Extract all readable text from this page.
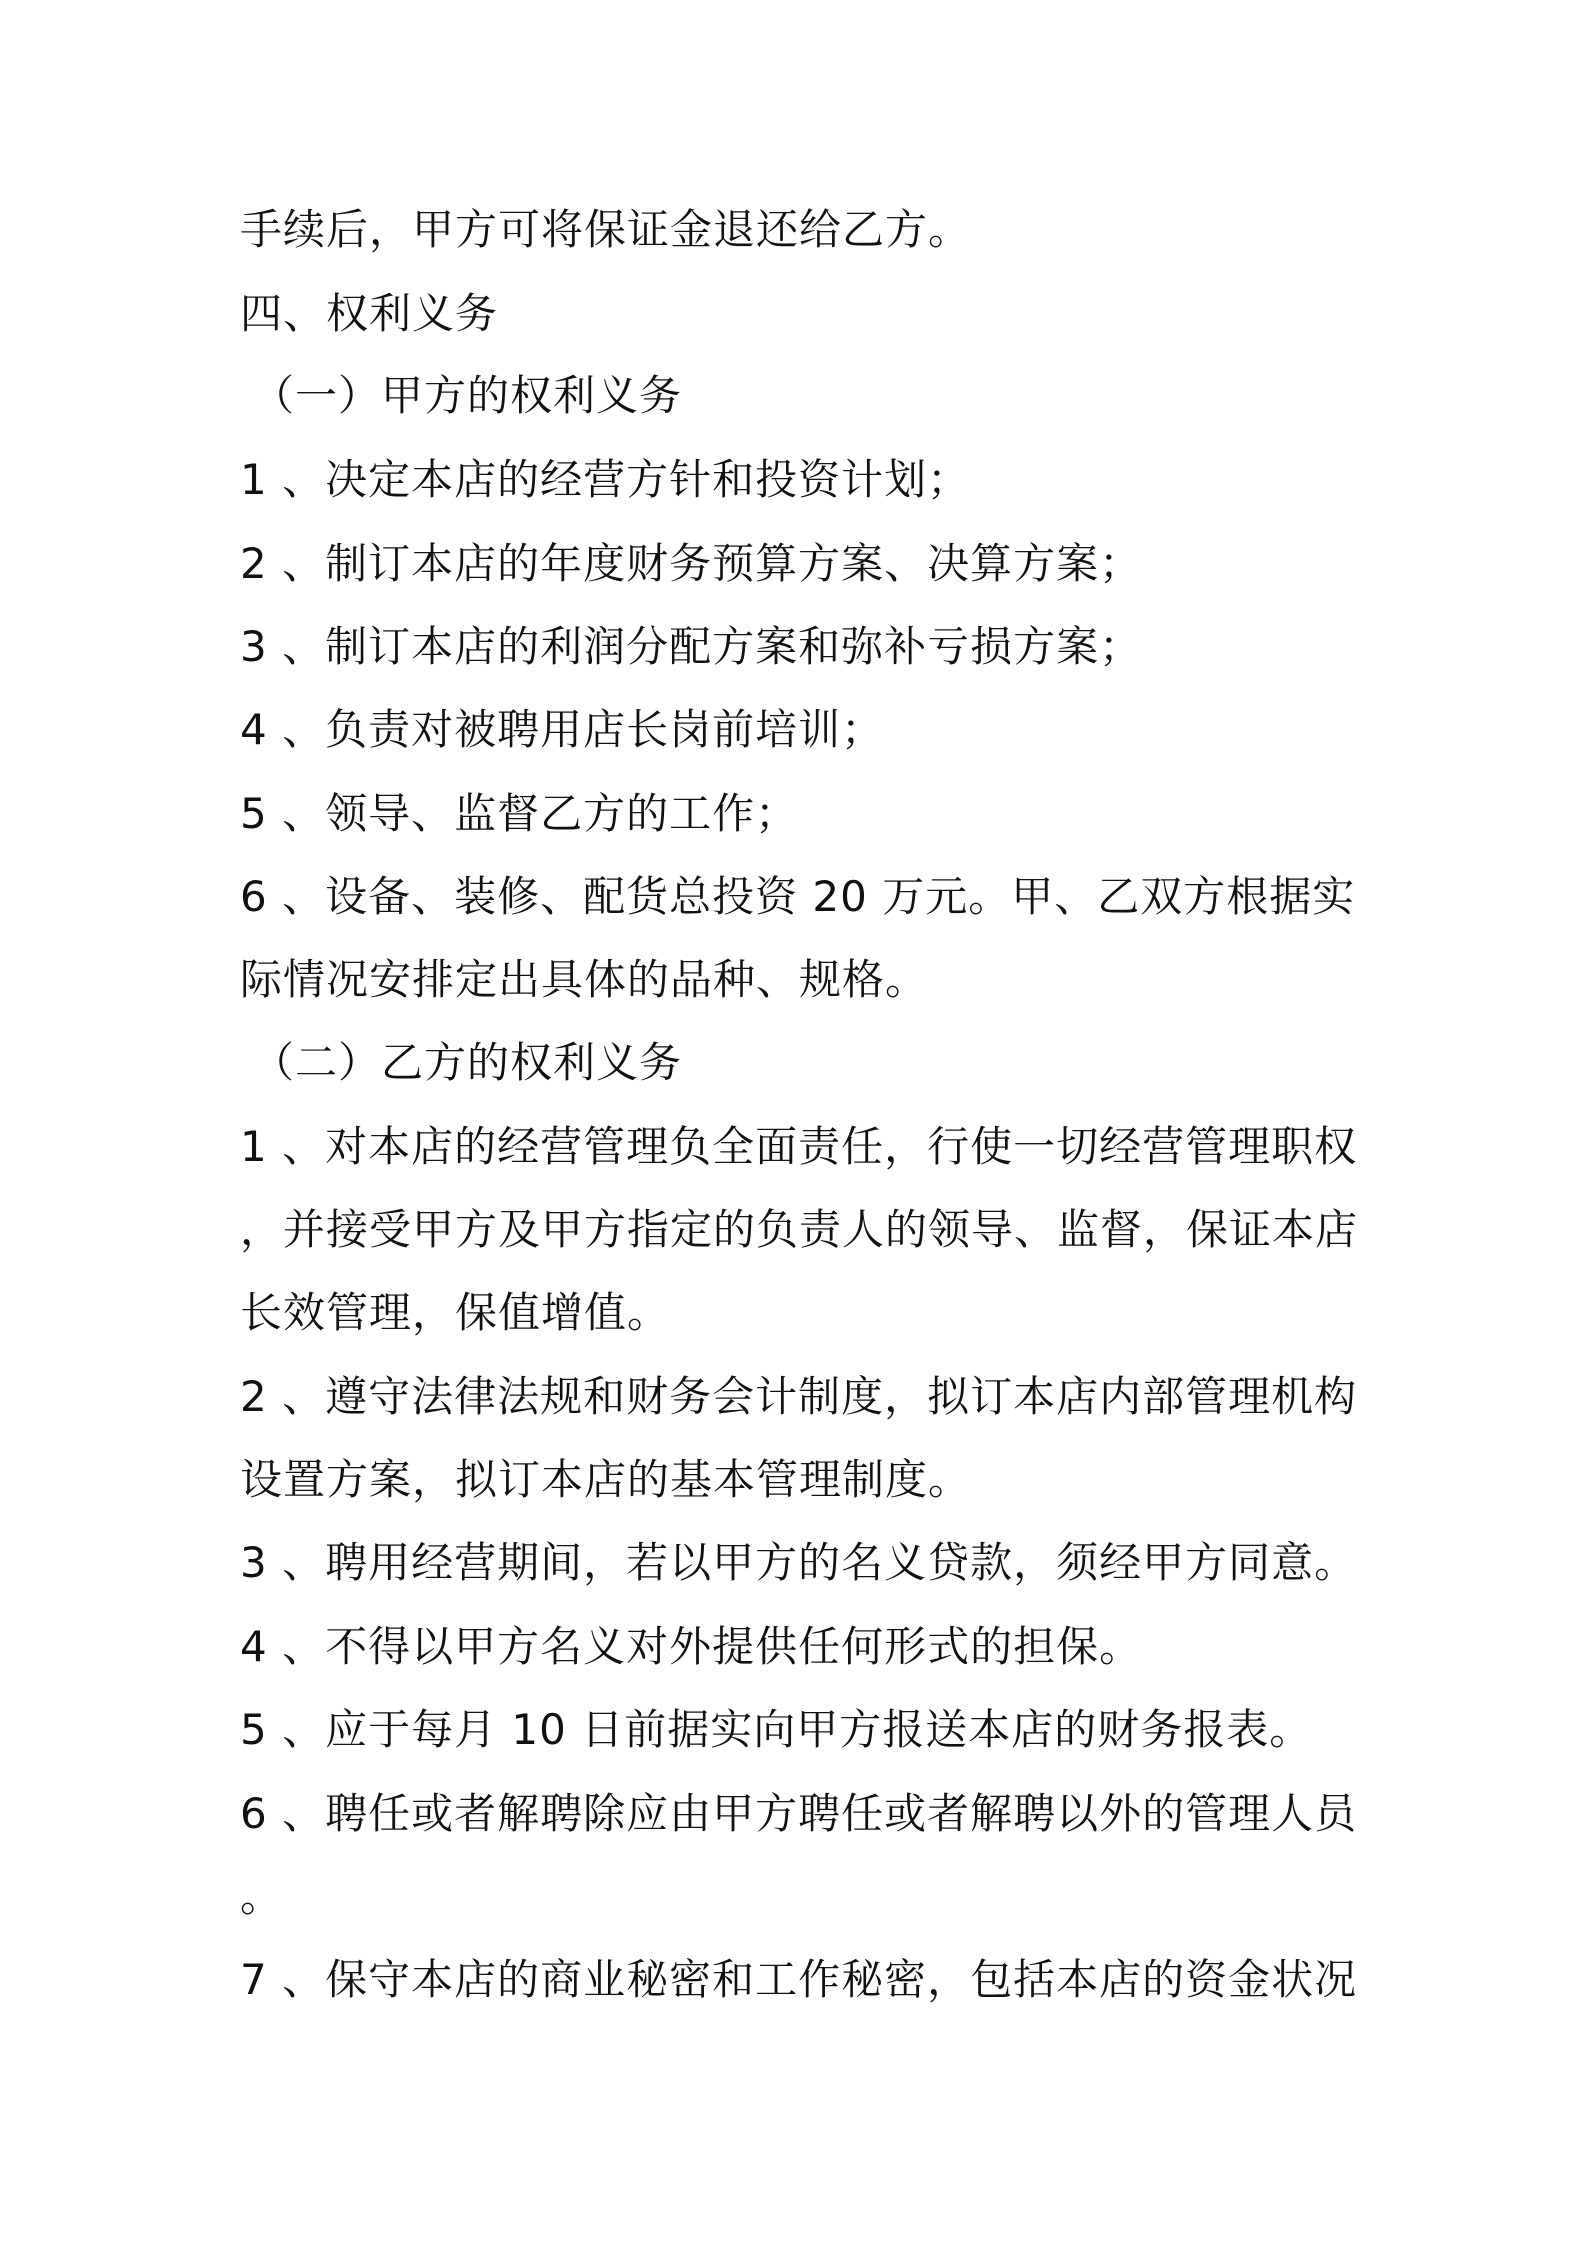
手续后，甲方可将保证金退还给乙方。
四、权利义务
（一）甲方的权利义务
1 、决定本店的经营方针和投资计划；
2 、制订本店的年度财务预算方案、决算方案；
3 、制订本店的利润分配方案和弥补亏损方案；
4 、负责对被聘用店长岗前培训；
5 、领导、监督乙方的工作；
6 、设备、装修、配货总投资 20 万元。甲、乙双方根据实
际情况安排定出具体的品种、规格。
（二）乙方的权利义务
1 、对本店的经营管理负全面责任，行使一切经营管理职权
，并接受甲方及甲方指定的负责人的领导、监督，保证本店
长效管理，保值增值。
2 、遵守法律法规和财务会计制度，拟订本店内部管理机构
设置方案，拟订本店的基本管理制度。
3 、聘用经营期间，若以甲方的名义贷款，须经甲方同意。
4 、不得以甲方名义对外提供任何形式的担保。
5 、应于每月 10 日前据实向甲方报送本店的财务报表。
6 、聘任或者解聘除应由甲方聘任或者解聘以外的管理人员
。
7 、保守本店的商业秘密和工作秘密，包括本店的资金状况
